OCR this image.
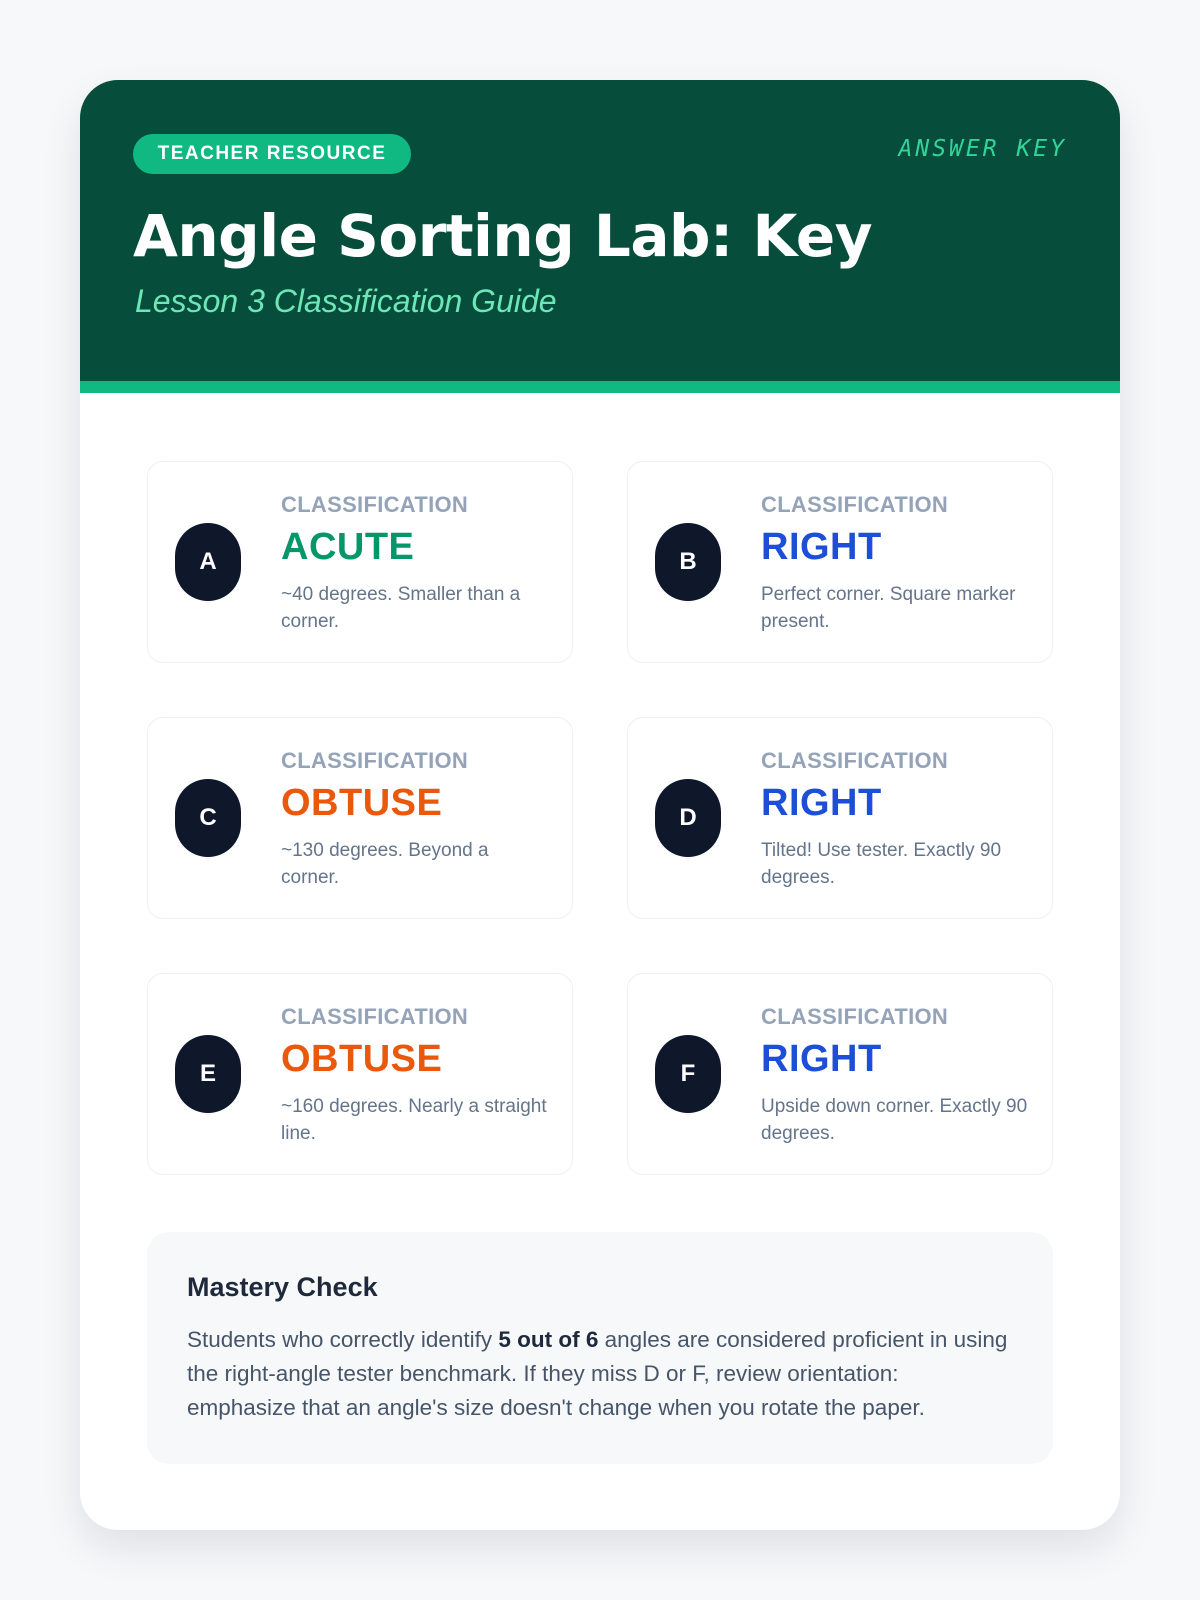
TEACHER RESOURCE	ANSWER KEY
Angle Sorting Lab: Key
Lesson 3 Classification Guide
A
CLASSIFICATION
ACUTE
~40 degrees. Smaller than a corner.
B
CLASSIFICATION
RIGHT
Perfect corner. Square marker present.
C
CLASSIFICATION
OBTUSE
~130 degrees. Beyond a corner.
D
CLASSIFICATION
RIGHT
Tilted! Use tester. Exactly 90 degrees.
E
CLASSIFICATION
OBTUSE
~160 degrees. Nearly a straight line.
F
CLASSIFICATION
RIGHT
Upside down corner. Exactly 90 degrees.
Mastery Check
Students who correctly identify 5 out of 6 angles are considered proficient in using the right-angle tester benchmark. If they miss D or F, review orientation: emphasize that an angle's size doesn't change when you rotate the paper.
